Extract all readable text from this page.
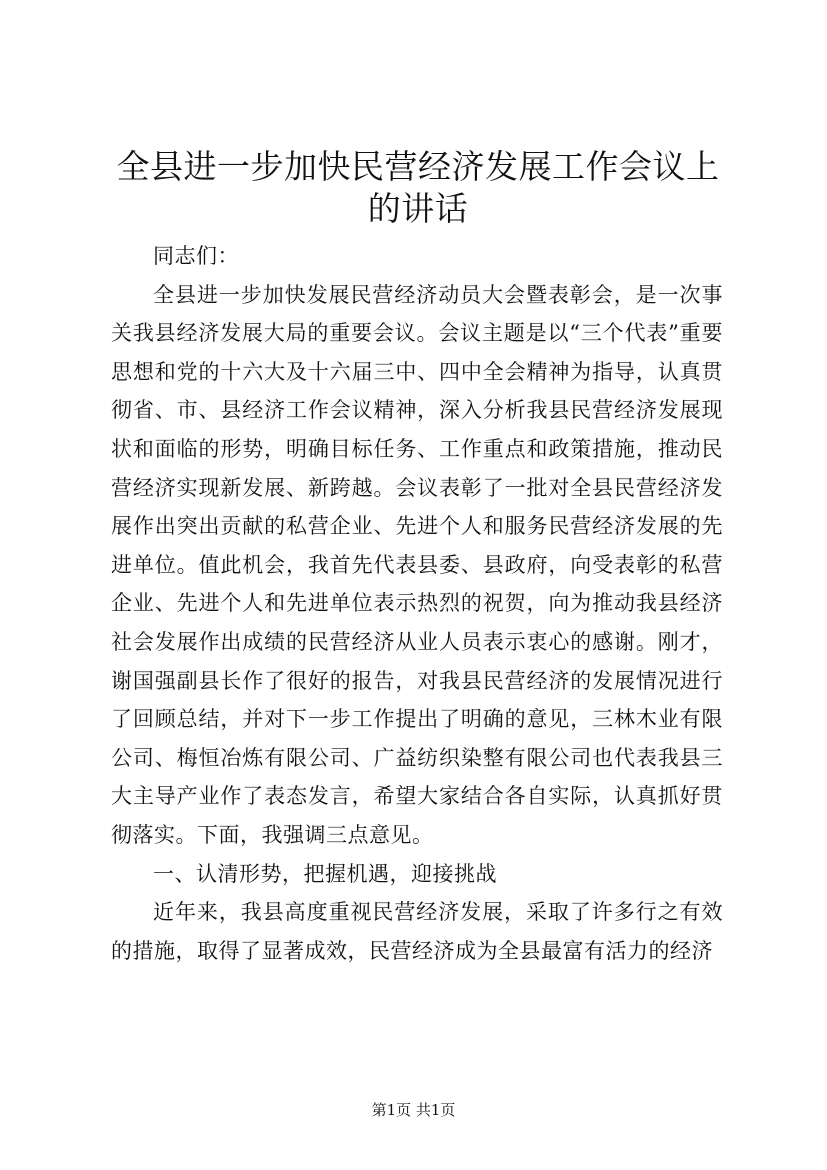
全县进一步加快民营经济发展工作会议上的讲话

同志们：

全县进一步加快发展民营经济动员大会暨表彰会，是一次事关我县经济发展大局的重要会议。会议主题是以“三个代表”重要思想和党的十六大及十六届三中、四中全会精神为指导，认真贯彻省、市、县经济工作会议精神，深入分析我县民营经济发展现状和面临的形势，明确目标任务、工作重点和政策措施，推动民营经济实现新发展、新跨越。会议表彰了一批对全县民营经济发展作出突出贡献的私营企业、先进个人和服务民营经济发展的先进单位。值此机会，我首先代表县委、县政府，向受表彰的私营企业、先进个人和先进单位表示热烈的祝贺，向为推动我县经济社会发展作出成绩的民营经济从业人员表示衷心的感谢。刚才，谢国强副县长作了很好的报告，对我县民营经济的发展情况进行了回顾总结，并对下一步工作提出了明确的意见，三林木业有限公司、梅恒冶炼有限公司、广益纺织染整有限公司也代表我县三大主导产业作了表态发言，希望大家结合各自实际，认真抓好贯彻落实。下面，我强调三点意见。

一、认清形势，把握机遇，迎接挑战

近年来，我县高度重视民营经济发展，采取了许多行之有效的措施，取得了显著成效，民营经济成为全县最富有活力的经济

第1页 共1页
